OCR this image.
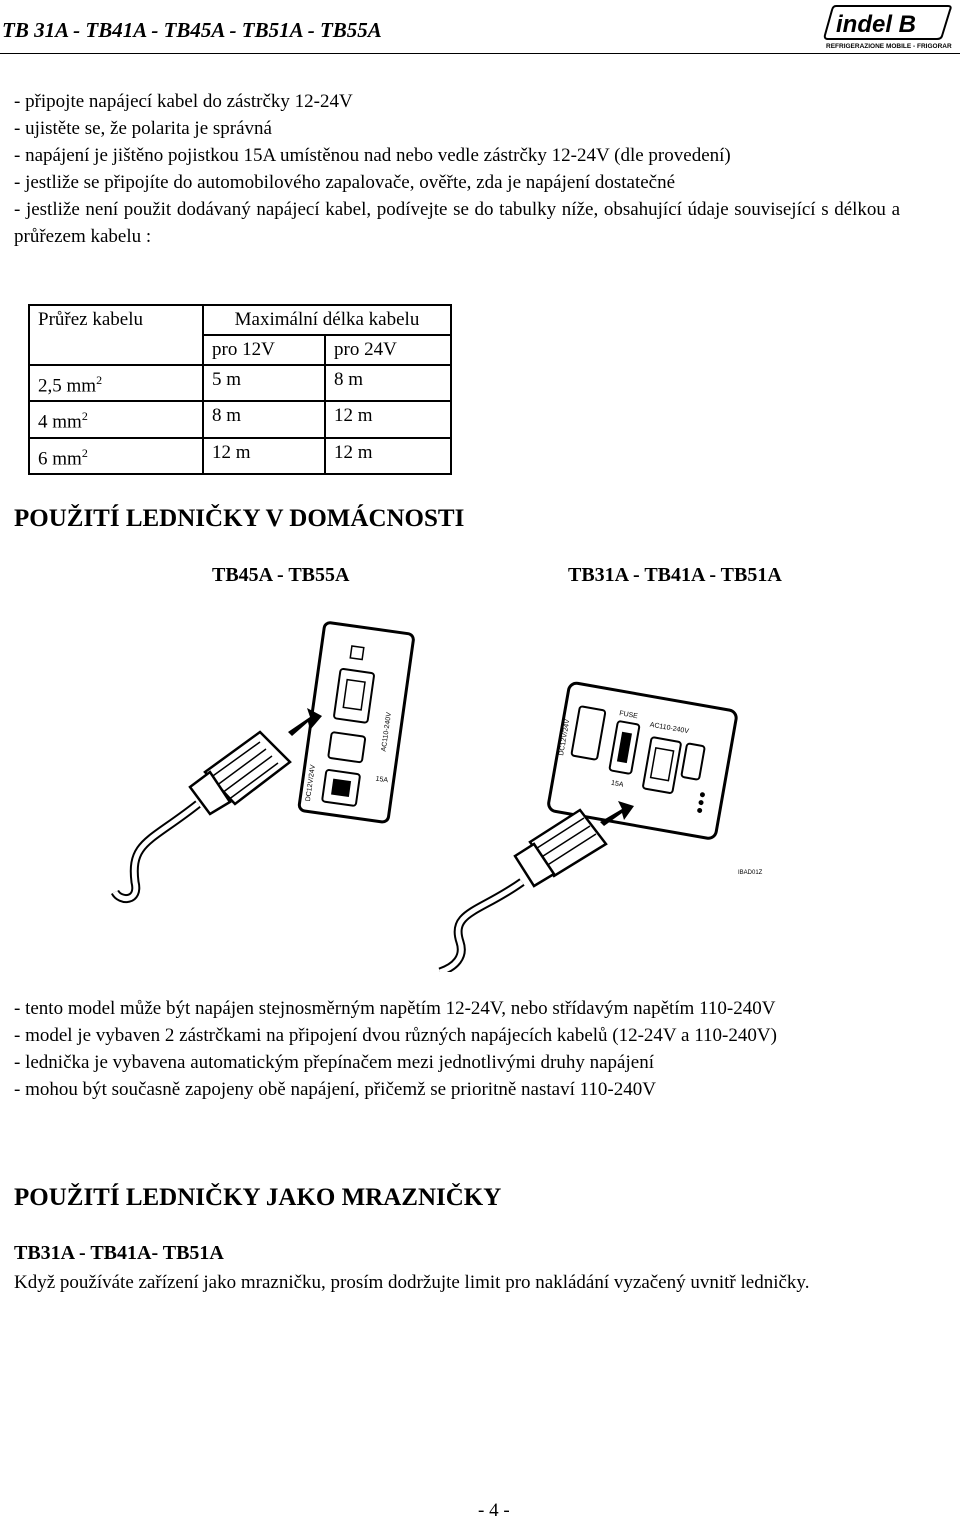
TB 31A - TB41A - TB45A - TB51A - TB55A	indel B
REFRIGERAZIONE MOBILE - FRIGORAR

- připojte napájecí kabel do zástrčky 12-24V

- ujistěte se, že polarita je správná

- napájení je jištěno pojistkou 15A umístěnou nad nebo vedle zástrčky 12-24V (dle provedení)

- jestliže se připojíte do automobilového zapalovače, ověřte, zda je napájení dostatečné

- jestliže není použit dodávaný napájecí kabel, podívejte se do tabulky níže, obsahující údaje související s délkou a průřezem kabelu :

Průřez kabelu	Maximální délka kabelu	
	pro 12V	pro 24V
2,5 $mm^2$	5 m	8 m
4 $mm^2$	8 m	12 m
6 $mm^2$	12 m	12 m
POUŽITÍ LEDNIČKY V DOMÁCNOSTI
TB45A - TB55A	TB31A - TB41A - TB51A
DC12V/24V
AC110-240V
15A
DC12V/24V
FUSE
AC110-240V
15A
IBAD01Z

- tento model může být napájen stejnosměrným napětím 12-24V, nebo střídavým napětím 110-240V

- model je vybaven 2 zástrčkami na připojení dvou různých napájecích kabelů (12-24V a 110-240V)

- lednička je vybavena automatickým přepínačem mezi jednotlivými druhy napájení

- mohou být současně zapojeny obě napájení, přičemž se prioritně nastaví 110-240V

POUŽITÍ LEDNIČKY JAKO MRAZNIČKY
TB31A - TB41A- TB51A

Když používáte zařízení jako mrazničku, prosím dodržujte limit pro nakládání vyzačený uvnitř ledničky.

- 4 -
